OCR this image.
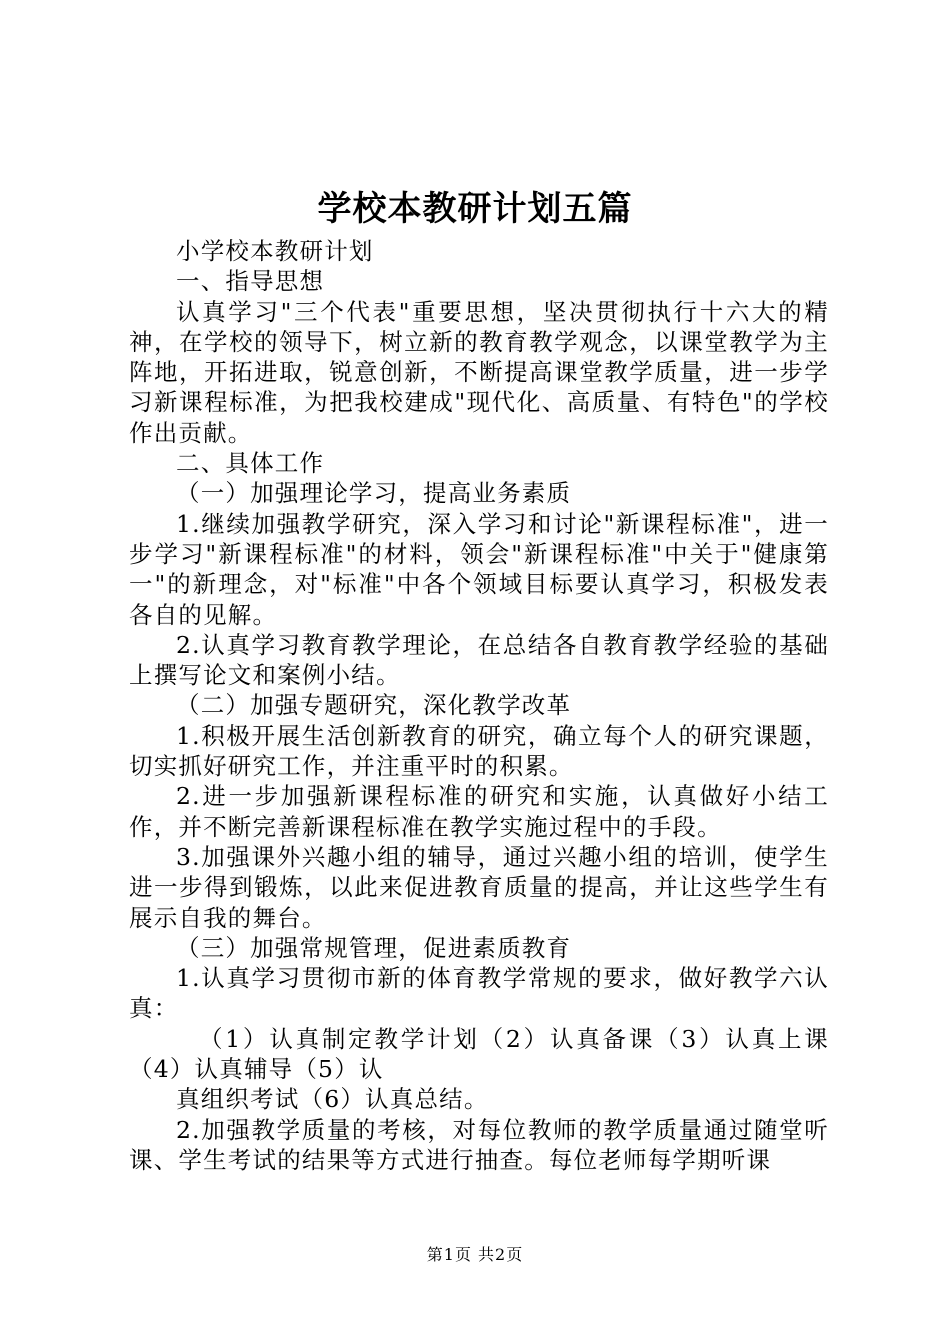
学校本教研计划五篇

小学校本教研计划

一、指导思想

认真学习"三个代表"重要思想，坚决贯彻执行十六大的精神，在学校的领导下，树立新的教育教学观念，以课堂教学为主阵地，开拓进取，锐意创新，不断提高课堂教学质量，进一步学习新课程标准，为把我校建成"现代化、高质量、有特色"的学校作出贡献。

二、具体工作

（一）加强理论学习，提高业务素质

1.继续加强教学研究，深入学习和讨论"新课程标准"，进一步学习"新课程标准"的材料，领会"新课程标准"中关于"健康第一"的新理念，对"标准"中各个领域目标要认真学习，积极发表各自的见解。

2.认真学习教育教学理论，在总结各自教育教学经验的基础上撰写论文和案例小结。

（二）加强专题研究，深化教学改革

1.积极开展生活创新教育的研究，确立每个人的研究课题，切实抓好研究工作，并注重平时的积累。

2.进一步加强新课程标准的研究和实施，认真做好小结工作，并不断完善新课程标准在教学实施过程中的手段。

3.加强课外兴趣小组的辅导，通过兴趣小组的培训，使学生进一步得到锻炼，以此来促进教育质量的提高，并让这些学生有展示自我的舞台。

（三）加强常规管理，促进素质教育

1.认真学习贯彻市新的体育教学常规的要求，做好教学六认真：

（1）认真制定教学计划（2）认真备课（3）认真上课（4）认真辅导（5）认

真组织考试（6）认真总结。

2.加强教学质量的考核，对每位教师的教学质量通过随堂听课、学生考试的结果等方式进行抽查。每位老师每学期听课

第1页 共2页
